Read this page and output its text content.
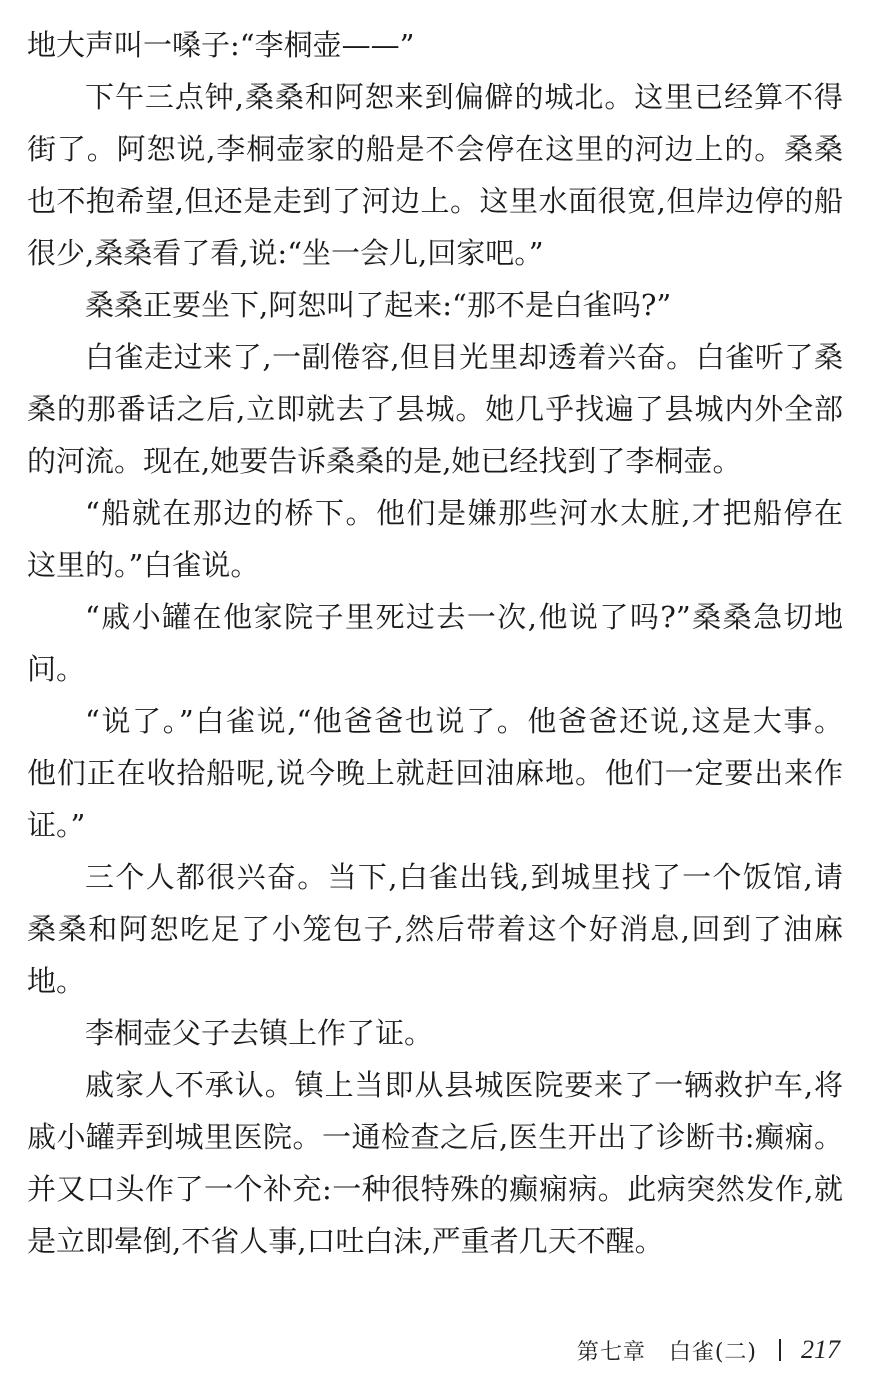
地大声叫一嗓子:“李桐壶——”
下午三点钟,桑桑和阿恕来到偏僻的城北。这里已经算不得
街了。阿恕说,李桐壶家的船是不会停在这里的河边上的。桑桑
也不抱希望,但还是走到了河边上。这里水面很宽,但岸边停的船
很少,桑桑看了看,说:“坐一会儿,回家吧。”
桑桑正要坐下,阿恕叫了起来:“那不是白雀吗?”
白雀走过来了,一副倦容,但目光里却透着兴奋。白雀听了桑
桑的那番话之后,立即就去了县城。她几乎找遍了县城内外全部
的河流。现在,她要告诉桑桑的是,她已经找到了李桐壶。
“船就在那边的桥下。他们是嫌那些河水太脏,才把船停在
这里的。”白雀说。
“戚小罐在他家院子里死过去一次,他说了吗?”桑桑急切地
问。
“说了。”白雀说,“他爸爸也说了。他爸爸还说,这是大事。
他们正在收拾船呢,说今晚上就赶回油麻地。他们一定要出来作
证。”
三个人都很兴奋。当下,白雀出钱,到城里找了一个饭馆,请
桑桑和阿恕吃足了小笼包子,然后带着这个好消息,回到了油麻
地。
李桐壶父子去镇上作了证。
戚家人不承认。镇上当即从县城医院要来了一辆救护车,将
戚小罐弄到城里医院。一通检查之后,医生开出了诊断书:癫痫。
并又口头作了一个补充:一种很特殊的癫痫病。此病突然发作,就
是立即晕倒,不省人事,口吐白沫,严重者几天不醒。
第七章　白雀(二) 217
